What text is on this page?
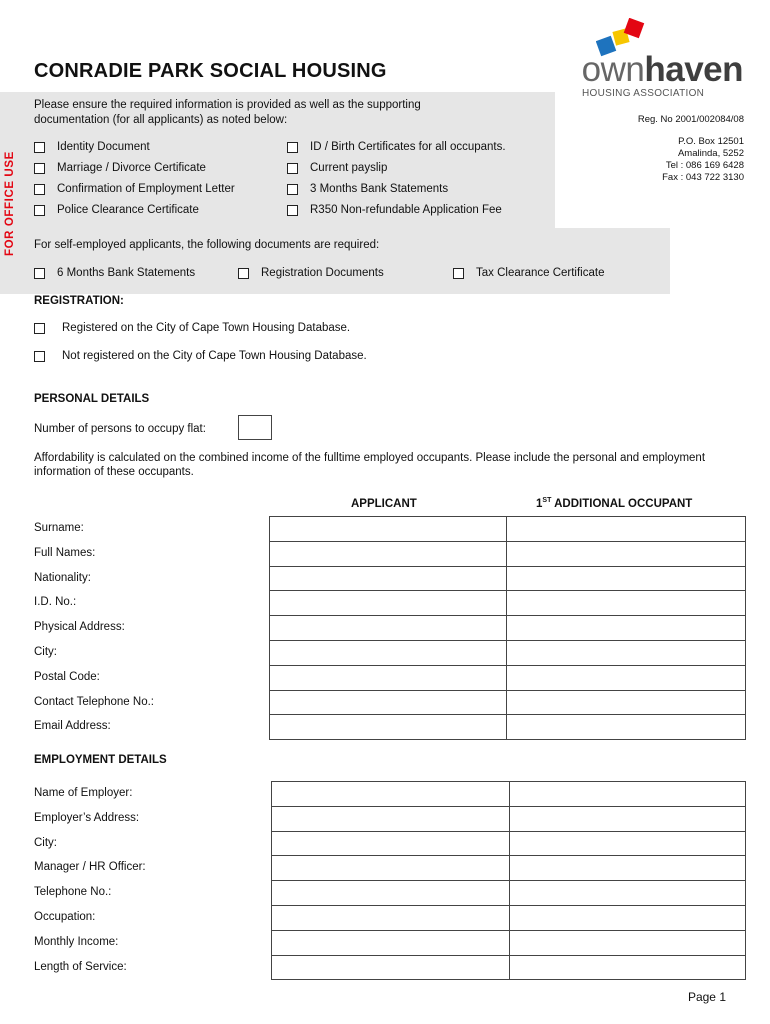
CONRADIE PARK SOCIAL HOUSING	ownhaven
HOUSING ASSOCIATION
Reg. No 2001/002084/08
P.O. Box 12501
Amalinda, 5252
Tel : 086 169 6428
Fax : 043 722 3130
FOR OFFICE USE
Please ensure the required information is provided as well as the supporting documentation (for all applicants) as noted below:
Identity Document
Marriage / Divorce Certificate
Confirmation of Employment Letter
Police Clearance Certificate
ID / Birth Certificates for all occupants.
Current payslip
3 Months Bank Statements
R350 Non-refundable Application Fee
For self-employed applicants, the following documents are required:
6 Months Bank Statements	Registration Documents	Tax Clearance Certificate
REGISTRATION:
Registered on the City of Cape Town Housing Database.
Not registered on the City of Cape Town Housing Database.
PERSONAL DETAILS
Number of persons to occupy flat:
Affordability is calculated on the combined income of the fulltime employed occupants. Please include the personal and employment information of these occupants.
APPLICANT	1ST ADDITIONAL OCCUPANT
Surname:
Full Names:
Nationality:
I.D. No.:
Physical Address:
City:
Postal Code:
Contact Telephone No.:
Email Address:

EMPLOYMENT DETAILS
Name of Employer:
Employer’s Address:
City:
Manager / HR Officer:
Telephone No.:
Occupation:
Monthly Income:
Length of Service:

Page 1
